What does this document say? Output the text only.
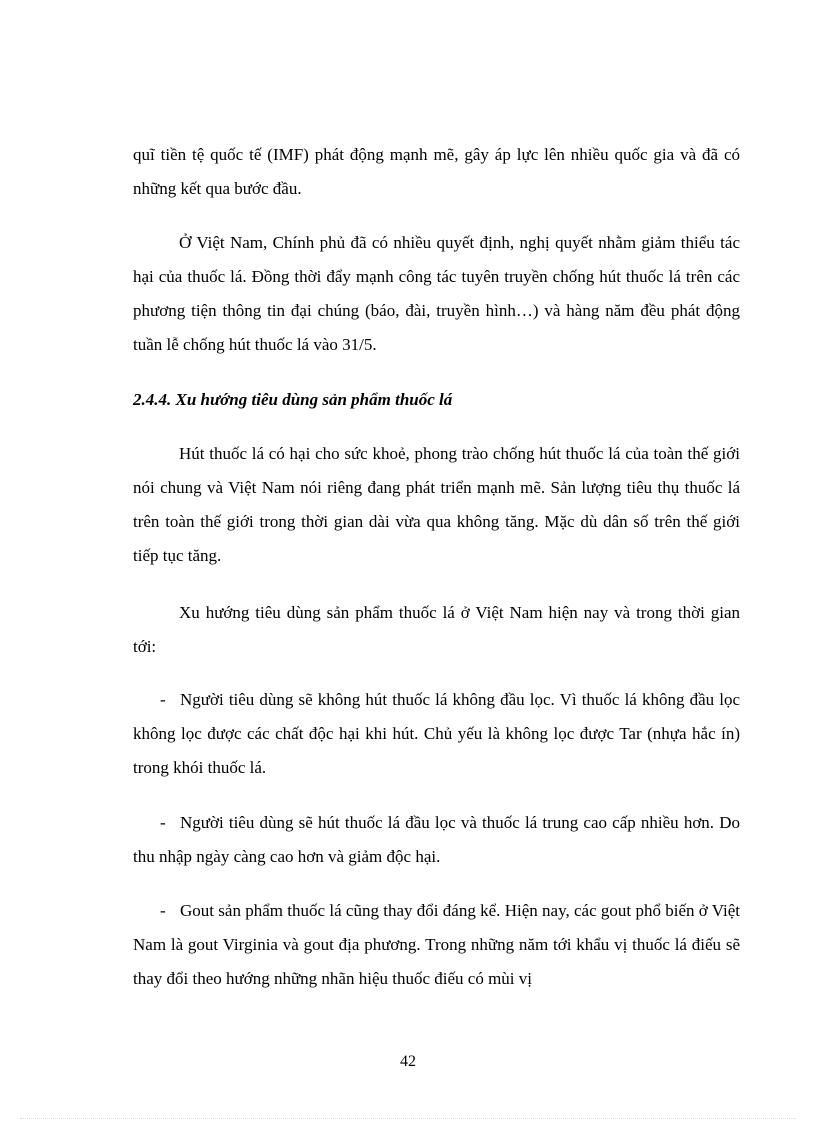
quĩ tiền tệ quốc tế (IMF) phát động mạnh mẽ, gây áp lực lên nhiều quốc gia và đã có những kết qua bước đầu.

Ở Việt Nam, Chính phủ đã có nhiều quyết định, nghị quyết nhằm giảm thiểu tác hại của thuốc lá. Đồng thời đẩy mạnh công tác tuyên truyền chống hút thuốc lá trên các phương tiện thông tin đại chúng (báo, đài, truyền hình…) và hàng năm đều phát động tuần lễ chống hút thuốc lá vào 31/5.

2.4.4. Xu hướng tiêu dùng sản phẩm thuốc lá

Hút thuốc lá có hại cho sức khoẻ, phong trào chống hút thuốc lá của toàn thế giới nói chung và Việt Nam nói riêng đang phát triển mạnh mẽ. Sản lượng tiêu thụ thuốc lá trên toàn thế giới trong thời gian dài vừa qua không tăng. Mặc dù dân số trên thế giới tiếp tục tăng.

Xu hướng tiêu dùng sản phẩm thuốc lá ở Việt Nam hiện nay và trong thời gian tới:

- Người tiêu dùng sẽ không hút thuốc lá không đầu lọc. Vì thuốc lá không đầu lọc không lọc được các chất độc hại khi hút. Chủ yếu là không lọc được Tar (nhựa hắc ín) trong khói thuốc lá.

- Người tiêu dùng sẽ hút thuốc lá đầu lọc và thuốc lá trung cao cấp nhiều hơn. Do thu nhập ngày càng cao hơn và giảm độc hại.

- Gout sản phẩm thuốc lá cũng thay đổi đáng kể. Hiện nay, các gout phổ biến ở Việt Nam là gout Virginia và gout địa phương. Trong những năm tới khẩu vị thuốc lá điếu sẽ thay đổi theo hướng những nhãn hiệu thuốc điếu có mùi vị

42
